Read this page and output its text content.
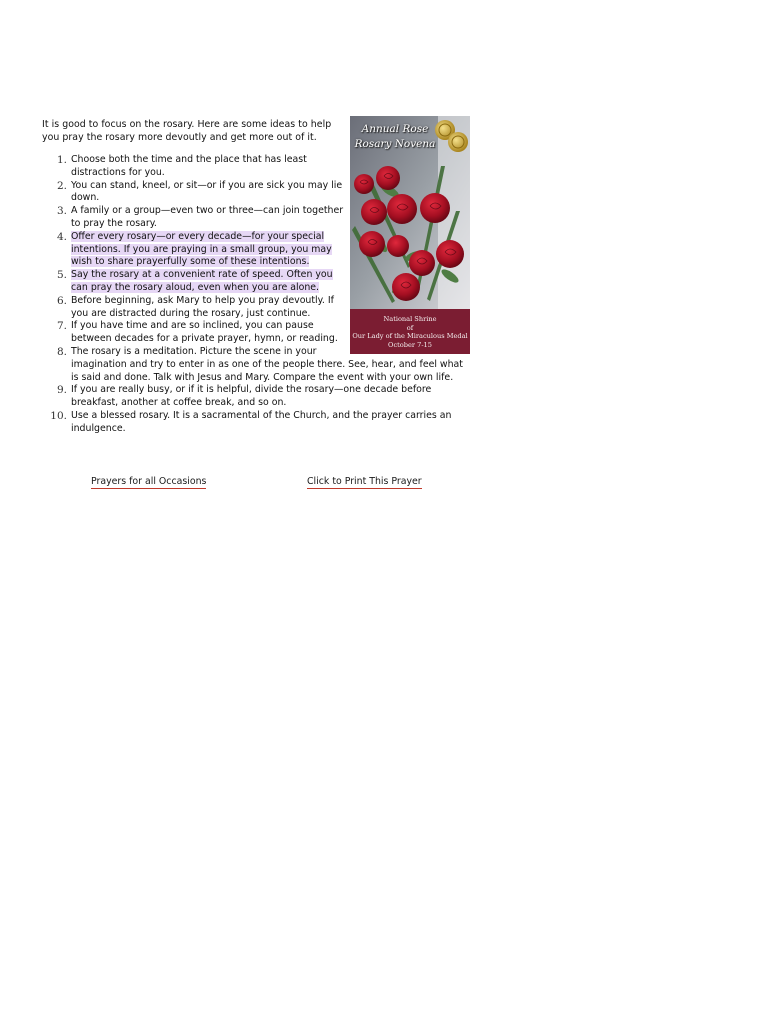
Annual Rose Rosary Novena
National Shrine
of
Our Lady of the Miraculous Medal
October 7-15

It is good to focus on the rosary. Here are some ideas to help you pray the rosary more devoutly and get more out of it.

1. Choose both the time and the place that has least distractions for you.
2. You can stand, kneel, or sit—or if you are sick you may lie down.
3. A family or a group—even two or three—can join together to pray the rosary.
4. Offer every rosary—or every decade—for your special intentions. If you are praying in a small group, you may wish to share prayerfully some of these intentions.
5. Say the rosary at a convenient rate of speed. Often you can pray the rosary aloud, even when you are alone.
6. Before beginning, ask Mary to help you pray devoutly. If you are distracted during the rosary, just continue.
7. If you have time and are so inclined, you can pause between decades for a private prayer, hymn, or reading.
8. The rosary is a meditation. Picture the scene in your imagination and try to enter in as one of the people there. See, hear, and feel what is said and done. Talk with Jesus and Mary. Compare the event with your own life.
9. If you are really busy, or if it is helpful, divide the rosary—one decade before breakfast, another at coffee break, and so on.
10. Use a blessed rosary. It is a sacramental of the Church, and the prayer carries an indulgence.
Prayers for all Occasions	Click to Print This Prayer
